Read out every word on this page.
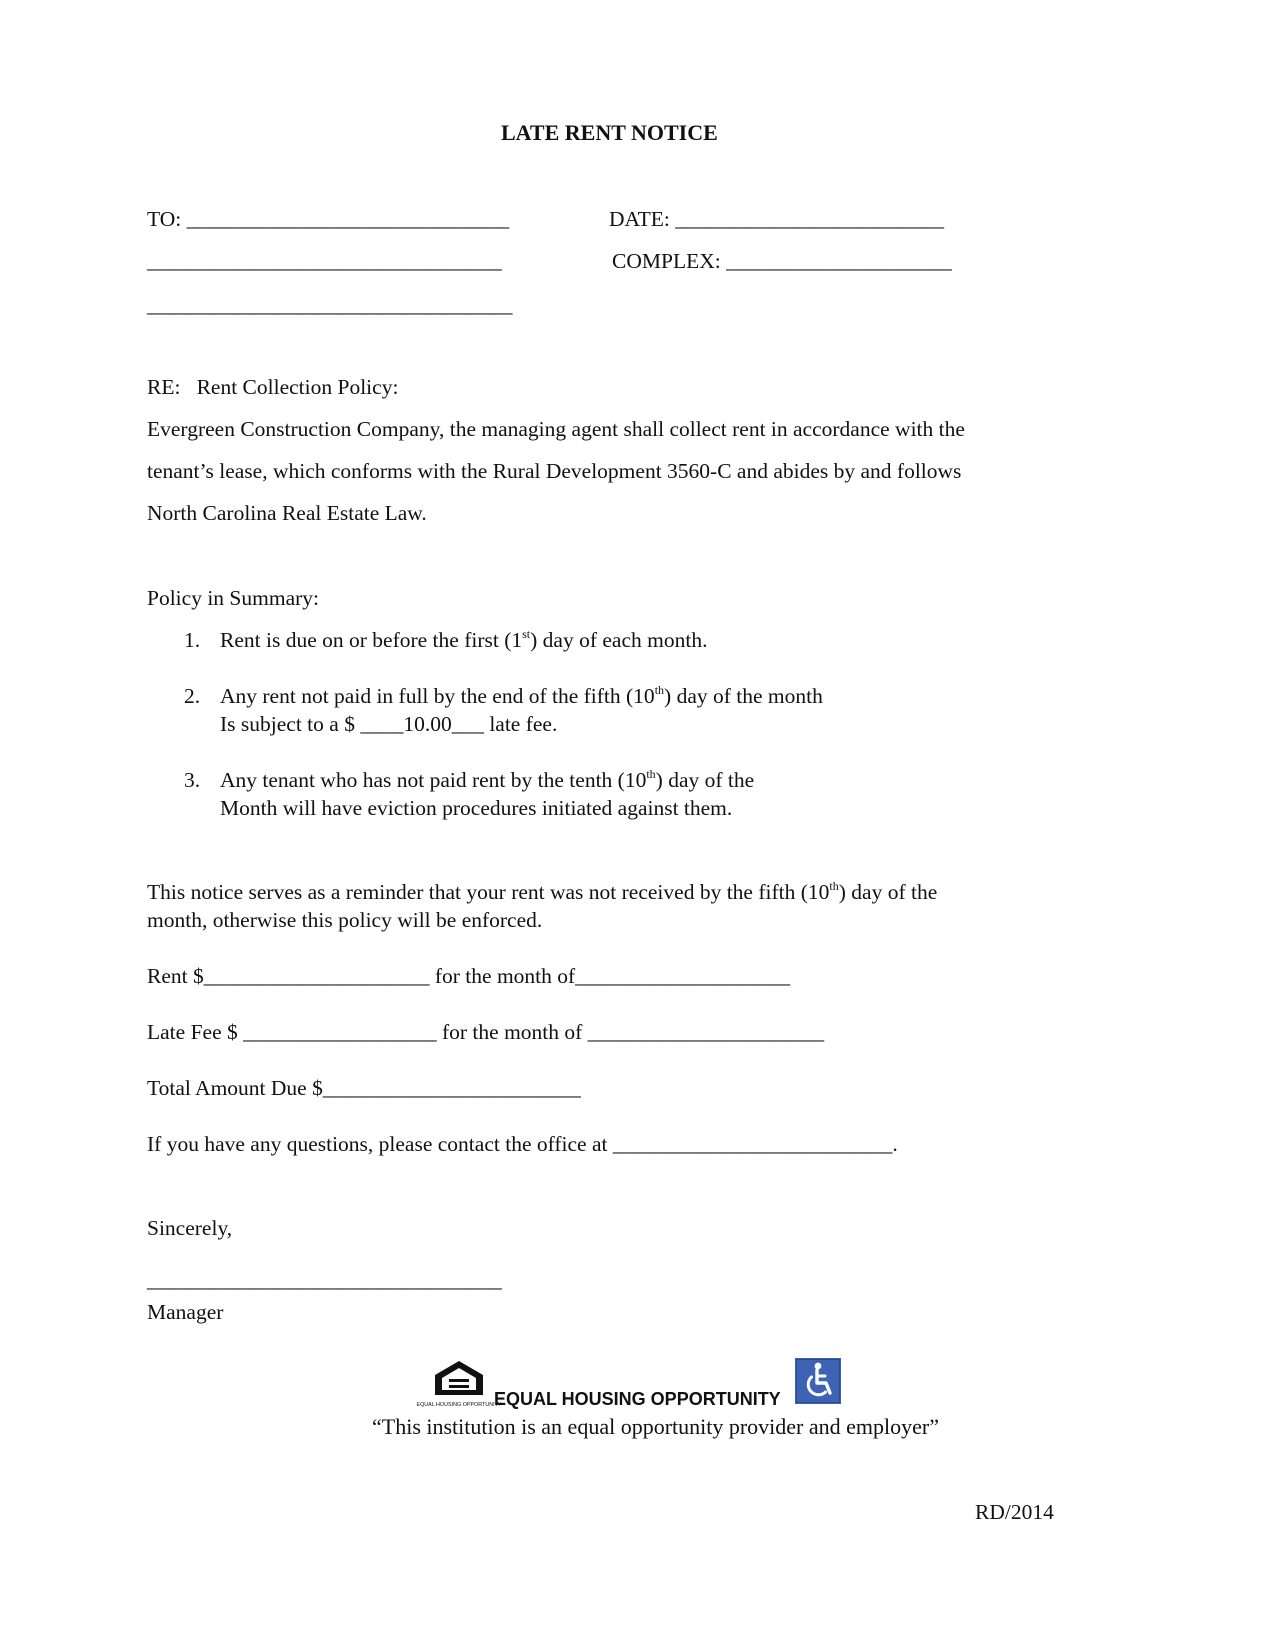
LATE RENT NOTICE
TO: ______________________________	DATE: _________________________
_________________________________	COMPLEX: _____________________
__________________________________
RE:   Rent Collection Policy:
Evergreen Construction Company, the managing agent shall collect rent in accordance with the
tenant’s lease, which conforms with the Rural Development 3560-C and abides by and follows
North Carolina Real Estate Law.
Policy in Summary:
1. Rent is due on or before the first (1st) day of each month.
2. Any rent not paid in full by the end of the fifth (10th) day of the month
Is subject to a $ ____10.00___ late fee.
3. Any tenant who has not paid rent by the tenth (10th) day of the
Month will have eviction procedures initiated against them.
This notice serves as a reminder that your rent was not received by the fifth (10th) day of the
month, otherwise this policy will be enforced.
Rent $_____________________ for the month of____________________
Late Fee $ __________________ for the month of ______________________
Total Amount Due $________________________
If you have any questions, please contact the office at __________________________.
Sincerely,
_________________________________
Manager
EQUAL HOUSING OPPORTUNITY
EQUAL HOUSING OPPORTUNITY
“This institution is an equal opportunity provider and employer”
RD/2014
